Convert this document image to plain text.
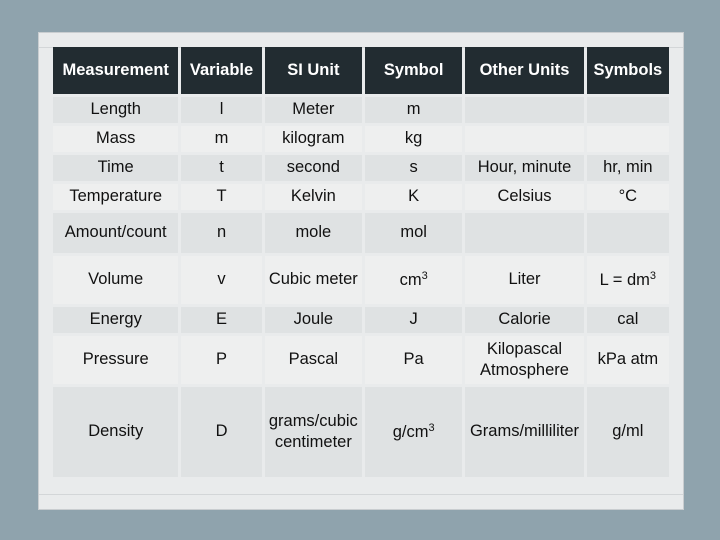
Measurement	Variable	SI Unit	Symbol	Other Units	Symbols
Length	l	Meter	m		
Mass	m	kilogram	kg		
Time	t	second	s	Hour, minute	hr, min
Temperature	T	Kelvin	K	Celsius	°C
Amount/count	n	mole	mol		
Volume	v	Cubic meter	$cm^3$	Liter	$L = dm^3$
Energy	E	Joule	J	Calorie	cal
Pressure	P	Pascal	Pa	Kilopascal Atmosphere	kPa atm
Density	D	grams/cubic centimeter	$g/cm^3$	Grams/milliliter	g/ml
